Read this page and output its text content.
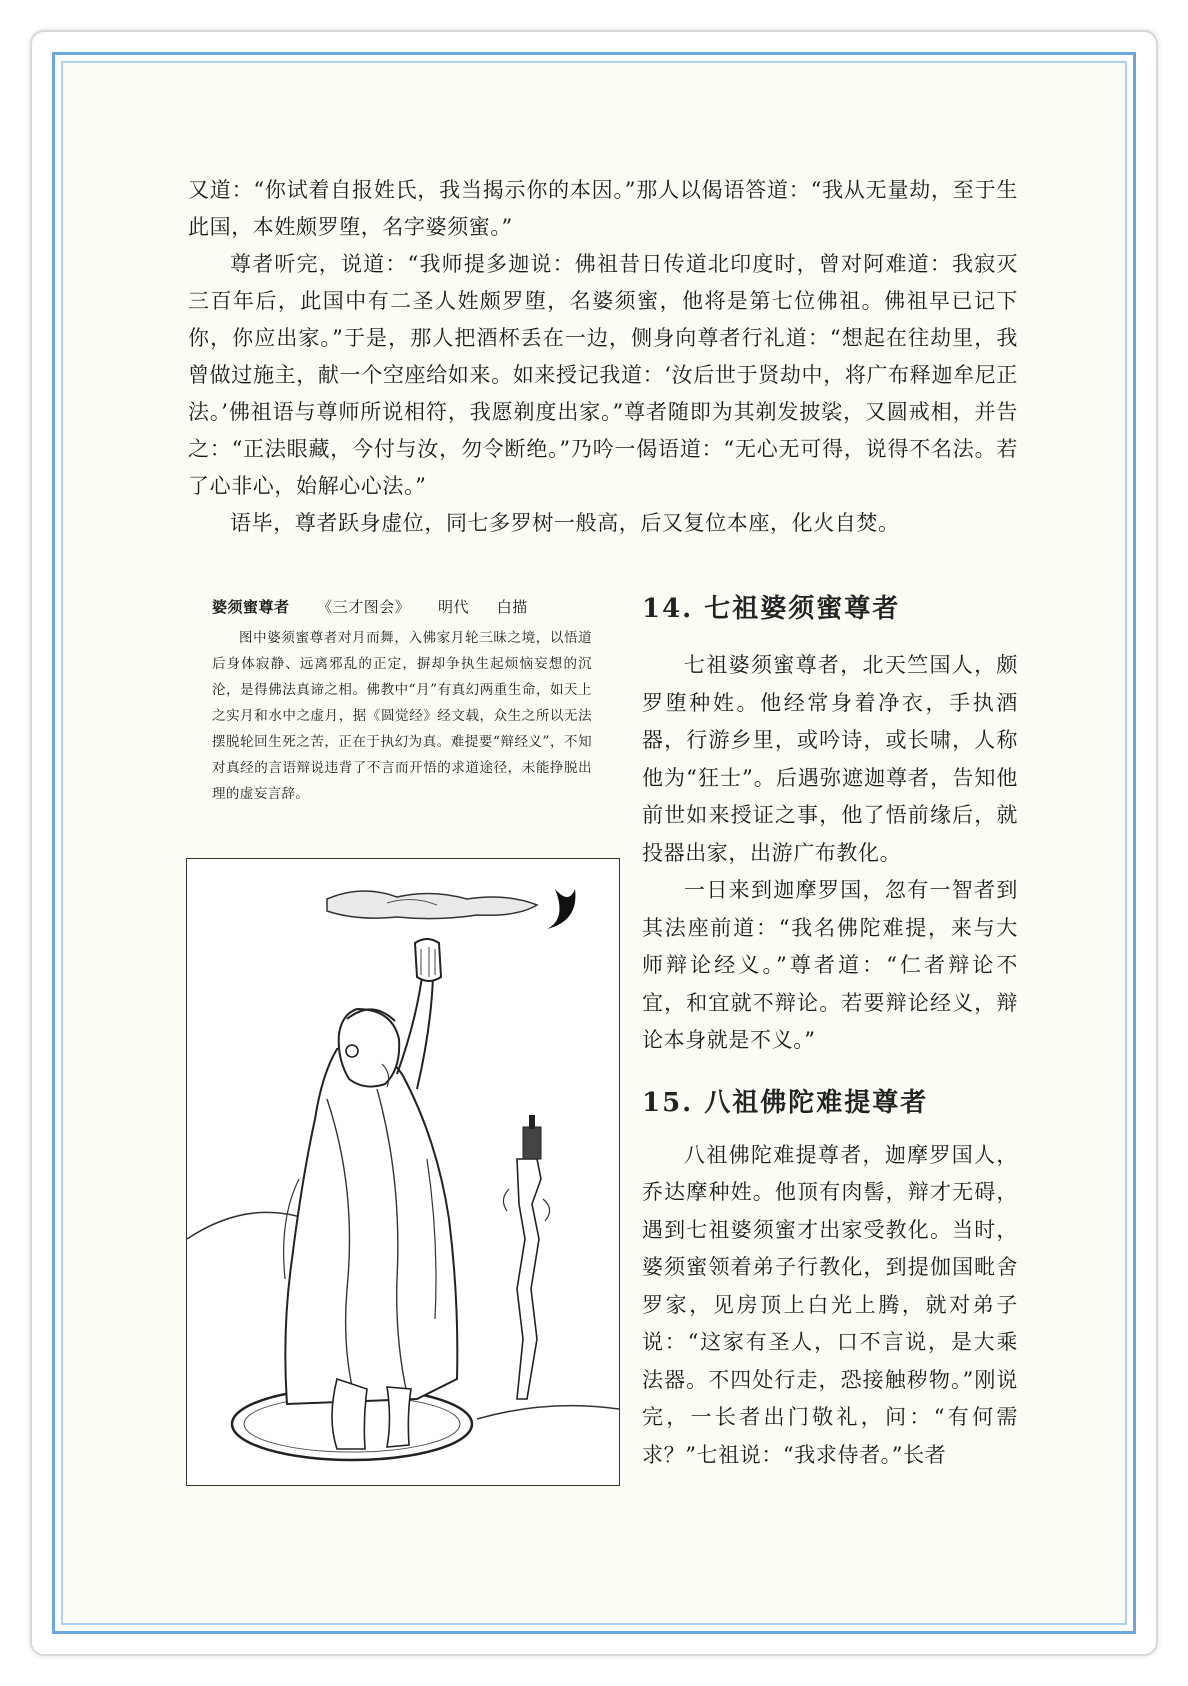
又道：“你试着自报姓氏，我当揭示你的本因。”那人以偈语答道：“我从无量劫，至于生此国，本姓颇罗堕，名字婆须蜜。”

尊者听完，说道：“我师提多迦说：佛祖昔日传道北印度时，曾对阿难道：我寂灭三百年后，此国中有二圣人姓颇罗堕，名婆须蜜，他将是第七位佛祖。佛祖早已记下你，你应出家。”于是，那人把酒杯丢在一边，侧身向尊者行礼道：“想起在往劫里，我曾做过施主，献一个空座给如来。如来授记我道：‘汝后世于贤劫中，将广布释迦牟尼正法。’佛祖语与尊师所说相符，我愿剃度出家。”尊者随即为其剃发披裟，又圆戒相，并告之：“正法眼藏，今付与汝，勿令断绝。”乃吟一偈语道：“无心无可得，说得不名法。若了心非心，始解心心法。”

语毕，尊者跃身虚位，同七多罗树一般高，后又复位本座，化火自焚。

婆须蜜尊者 《三才图会》 明代 白描

图中婆须蜜尊者对月而舞，入佛家月轮三昧之境，以悟道后身体寂静、远离邪乱的正定，摒却争执生起烦恼妄想的沉沦，是得佛法真谛之相。佛教中“月”有真幻两重生命，如天上之实月和水中之虚月，据《圆觉经》经文载，众生之所以无法摆脱轮回生死之苦，正在于执幻为真。难提要“辩经义”，不知对真经的言语辩说违背了不言而开悟的求道途径，未能挣脱出理的虚妄言辞。

14. 七祖婆须蜜尊者

七祖婆须蜜尊者，北天竺国人，颇罗堕种姓。他经常身着净衣，手执酒器，行游乡里，或吟诗，或长啸，人称他为“狂士”。后遇弥遮迦尊者，告知他前世如来授证之事，他了悟前缘后，就投器出家，出游广布教化。

一日来到迦摩罗国，忽有一智者到其法座前道：“我名佛陀难提，来与大师辩论经义。”尊者道：“仁者辩论不宜，和宜就不辩论。若要辩论经义，辩论本身就是不义。”

15. 八祖佛陀难提尊者

八祖佛陀难提尊者，迦摩罗国人，乔达摩种姓。他顶有肉髻，辩才无碍，遇到七祖婆须蜜才出家受教化。当时，婆须蜜领着弟子行教化，到提伽国毗舍罗家，见房顶上白光上腾，就对弟子说：“这家有圣人，口不言说，是大乘法器。不四处行走，恐接触秽物。”刚说完，一长者出门敬礼，问：“有何需求？”七祖说：“我求侍者。”长者
